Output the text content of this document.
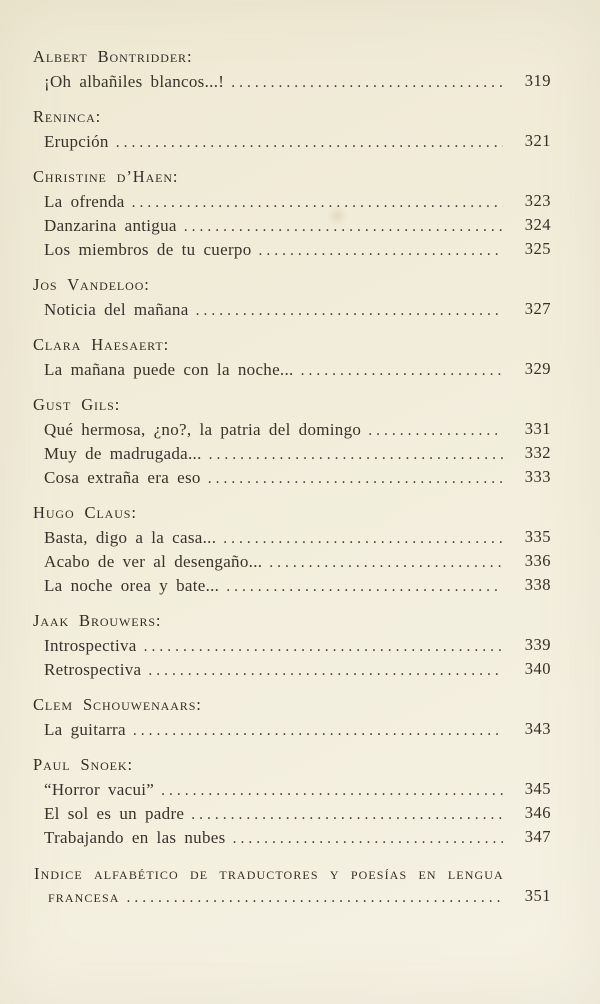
Albert Bontridder:
¡Oh albañiles blancos...! .....	319
Reninca:
Erupción .....	321
Christine d’Haen:
La ofrenda .....	323
Danzarina antigua .....	324
Los miembros de tu cuerpo .....	325
Jos Vandeloo:
Noticia del mañana .....	327
Clara Haesaert:
La mañana puede con la noche... .....	329
Gust Gils:
Qué hermosa, ¿no?, la patria del domingo .....	331
Muy de madrugada... .....	332
Cosa extraña era eso .....	333
Hugo Claus:
Basta, digo a la casa... .....	335
Acabo de ver al desengaño... .....	336
La noche orea y bate... .....	338
Jaak Brouwers:
Introspectiva .....	339
Retrospectiva .....	340
Clem Schouwenaars:
La guitarra .....	343
Paul Snoek:
“Horror vacui” .....	345
El sol es un padre .....	346
Trabajando en las nubes .....	347
Indice alfabético de traductores y poesías en lengua
francesa .....	351
